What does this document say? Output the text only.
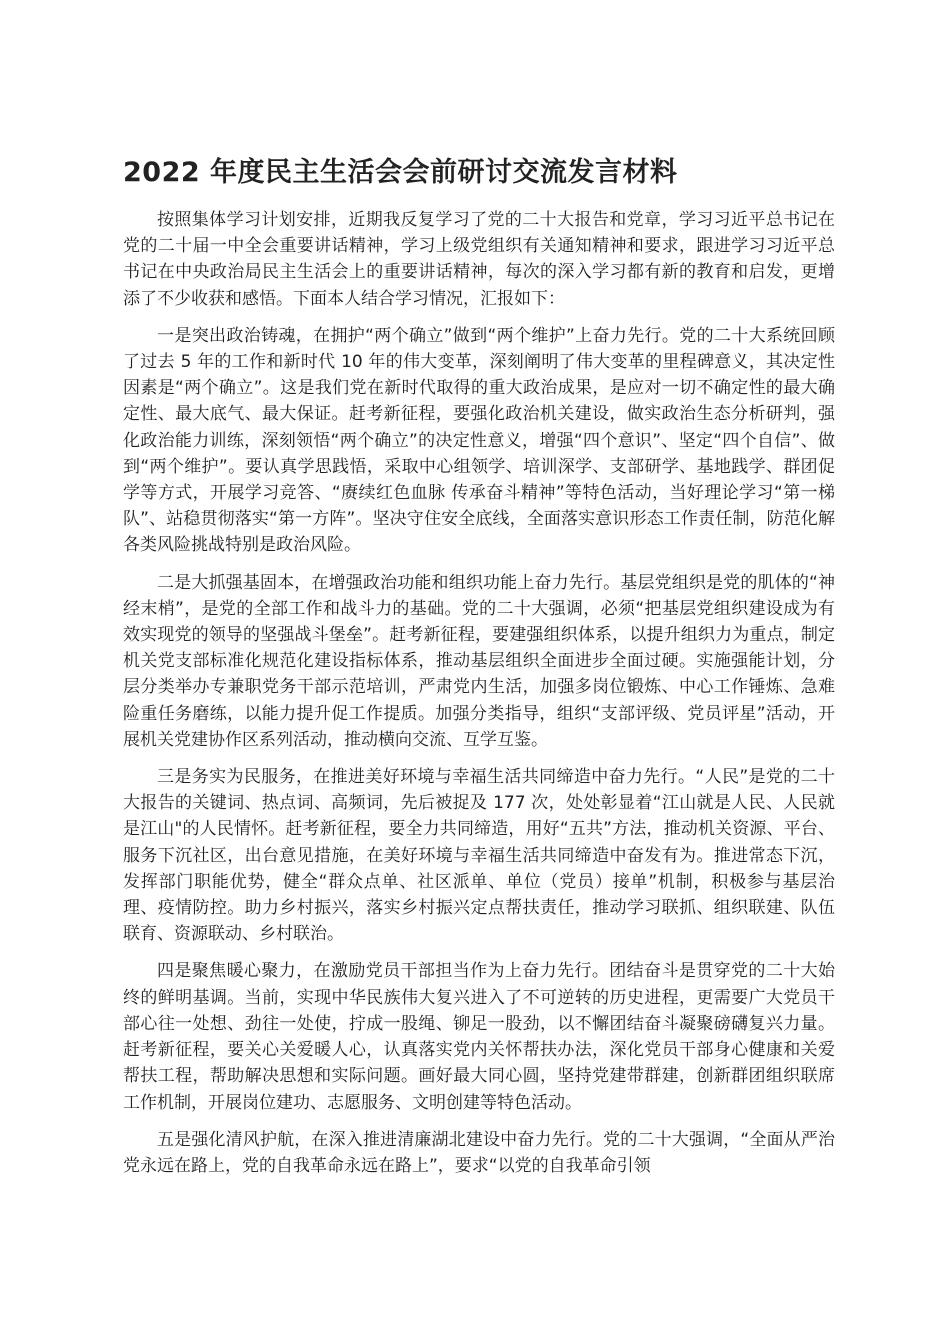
2022 年度民主生活会会前研讨交流发言材料

按照集体学习计划安排，近期我反复学习了党的二十大报告和党章，学习习近平总书记在党的二十届一中全会重要讲话精神，学习上级党组织有关通知精神和要求，跟进学习习近平总书记在中央政治局民主生活会上的重要讲话精神，每次的深入学习都有新的教育和启发，更增添了不少收获和感悟。下面本人结合学习情况，汇报如下：

一是突出政治铸魂，在拥护“两个确立”做到“两个维护”上奋力先行。党的二十大系统回顾了过去 5 年的工作和新时代 10 年的伟大变革，深刻阐明了伟大变革的里程碑意义，其决定性因素是“两个确立”。这是我们党在新时代取得的重大政治成果，是应对一切不确定性的最大确定性、最大底气、最大保证。赶考新征程，要强化政治机关建设，做实政治生态分析研判，强化政治能力训练，深刻领悟“两个确立”的决定性意义，增强“四个意识”、坚定“四个自信”、做到“两个维护”。要认真学思践悟，采取中心组领学、培训深学、支部研学、基地践学、群团促学等方式，开展学习竞答、“赓续红色血脉 传承奋斗精神”等特色活动，当好理论学习“第一梯队”、站稳贯彻落实“第一方阵”。坚决守住安全底线，全面落实意识形态工作责任制，防范化解各类风险挑战特别是政治风险。

二是大抓强基固本，在增强政治功能和组织功能上奋力先行。基层党组织是党的肌体的“神经末梢”，是党的全部工作和战斗力的基础。党的二十大强调，必须“把基层党组织建设成为有效实现党的领导的坚强战斗堡垒”。赶考新征程，要建强组织体系，以提升组织力为重点，制定机关党支部标准化规范化建设指标体系，推动基层组织全面进步全面过硬。实施强能计划，分层分类举办专兼职党务干部示范培训，严肃党内生活，加强多岗位锻炼、中心工作锤炼、急难险重任务磨练，以能力提升促工作提质。加强分类指导，组织“支部评级、党员评星”活动，开展机关党建协作区系列活动，推动横向交流、互学互鉴。

三是务实为民服务，在推进美好环境与幸福生活共同缔造中奋力先行。“人民”是党的二十大报告的关键词、热点词、高频词，先后被捉及 177 次，处处彰显着“江山就是人民、人民就是江山"的人民情怀。赶考新征程，要全力共同缔造，用好“五共”方法，推动机关资源、平台、服务下沉社区，出台意见措施，在美好环境与幸福生活共同缔造中奋发有为。推进常态下沉，发挥部门职能优势，健全“群众点单、社区派单、单位（党员）接单”机制，积极参与基层治理、疫情防控。助力乡村振兴，落实乡村振兴定点帮扶责任，推动学习联抓、组织联建、队伍联育、资源联动、乡村联治。

四是聚焦暖心聚力，在激励党员干部担当作为上奋力先行。团结奋斗是贯穿党的二十大始终的鲜明基调。当前，实现中华民族伟大复兴进入了不可逆转的历史进程，更需要广大党员干部心往一处想、劲往一处使，拧成一股绳、铆足一股劲，以不懈团结奋斗凝聚磅礴复兴力量。赶考新征程，要关心关爱暖人心，认真落实党内关怀帮扶办法，深化党员干部身心健康和关爱帮扶工程，帮助解决思想和实际问题。画好最大同心圆，坚持党建带群建，创新群团组织联席工作机制，开展岗位建功、志愿服务、文明创建等特色活动。

五是强化清风护航，在深入推进清廉湖北建设中奋力先行。党的二十大强调，“全面从严治党永远在路上，党的自我革命永远在路上”，要求“以党的自我革命引领
